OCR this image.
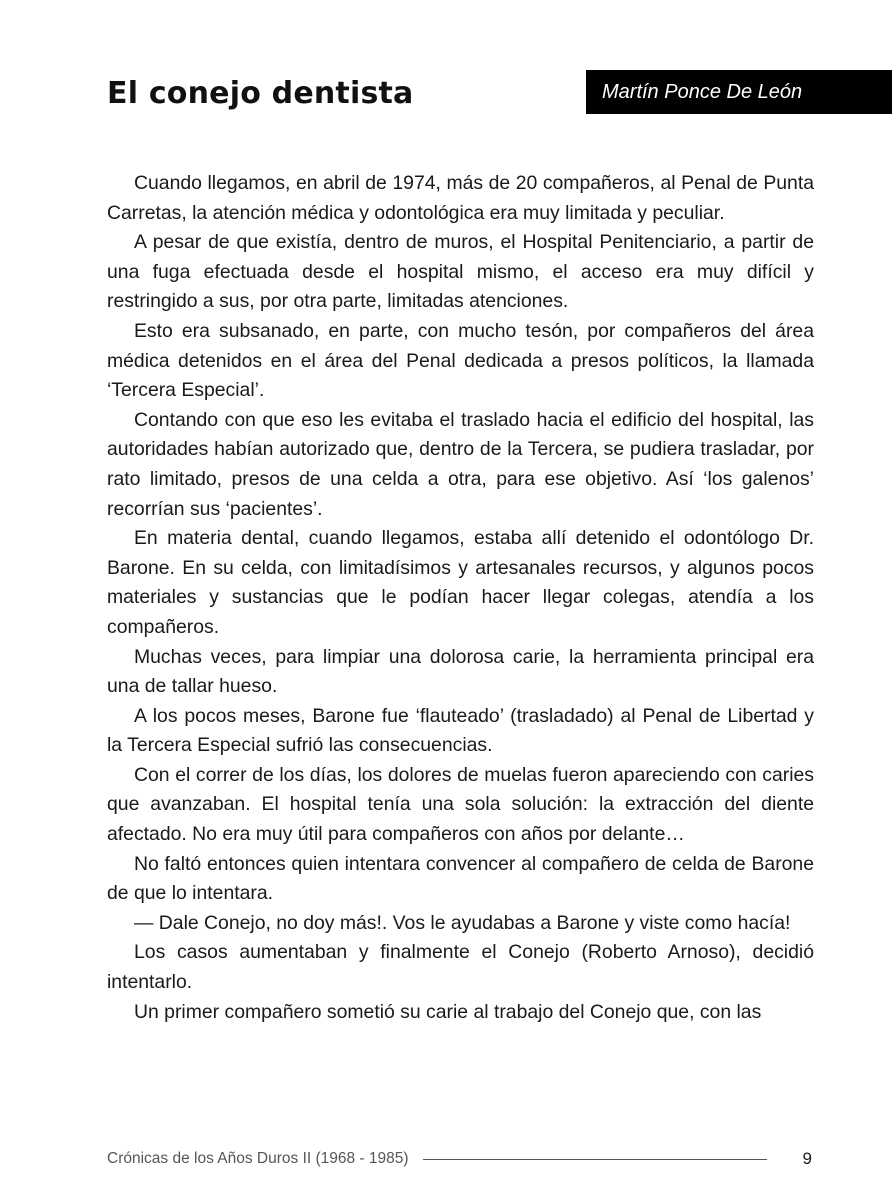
El conejo dentista	Martín Ponce De León

Cuando llegamos, en abril de 1974, más de 20 compañeros, al Penal de Punta Carretas, la atención médica y odontológica era muy limitada y peculiar.

A pesar de que existía, dentro de muros, el Hospital Penitenciario, a partir de una fuga efectuada desde el hospital mismo, el acceso era muy difícil y restringido a sus, por otra parte, limitadas atenciones.

Esto era subsanado, en parte, con mucho tesón, por compañeros del área médica detenidos en el área del Penal dedicada a presos políticos, la llamada ‘Tercera Especial’.

Contando con que eso les evitaba el traslado hacia el edificio del hospital, las autoridades habían autorizado que, dentro de la Tercera, se pudiera trasladar, por rato limitado, presos de una celda a otra, para ese objetivo. Así ‘los galenos’ recorrían sus ‘pacientes’.

En materia dental, cuando llegamos, estaba allí detenido el odontólogo Dr. Barone. En su celda, con limitadísimos y artesanales recursos, y algunos pocos materiales y sustancias que le podían hacer llegar colegas, atendía a los compañeros.

Muchas veces, para limpiar una dolorosa carie, la herramienta principal era una de tallar hueso.

A los pocos meses, Barone fue ‘flauteado’ (trasladado) al Penal de Libertad y la Tercera Especial sufrió las consecuencias.

Con el correr de los días, los dolores de muelas fueron apareciendo con caries que avanzaban. El hospital tenía una sola solución: la extracción del diente afectado. No era muy útil para compañeros con años por delante…

No faltó entonces quien intentara convencer al compañero de celda de Barone de que lo intentara.

— Dale Conejo, no doy más!. Vos le ayudabas a Barone y viste como hacía!

Los casos aumentaban y finalmente el Conejo (Roberto Arnoso), decidió intentarlo.

Un primer compañero sometió su carie al trabajo del Conejo que, con las

Crónicas de los Años Duros II (1968 - 1985)	9
